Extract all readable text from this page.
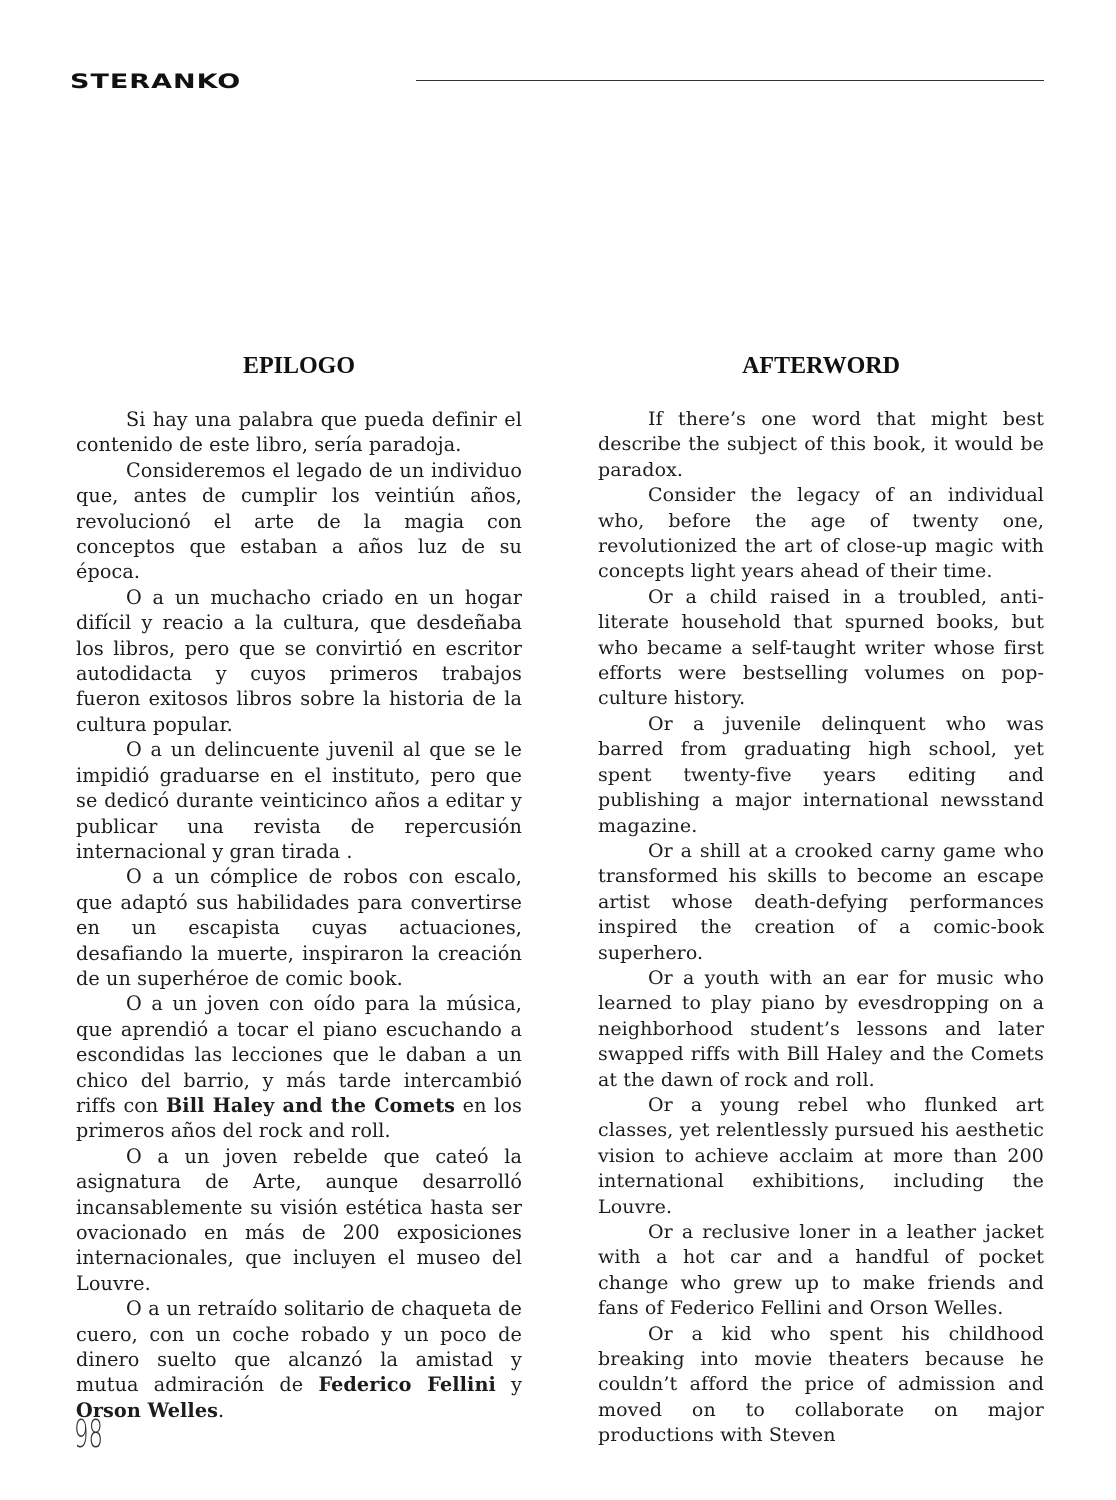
STERANKO
EPILOGO

Si hay una palabra que pueda definir el contenido de este libro, sería paradoja.

Consideremos el legado de un individuo que, antes de cumplir los veintiún años, revolucionó el arte de la magia con conceptos que estaban a años luz de su época.

O a un muchacho criado en un hogar difícil y reacio a la cultura, que desdeñaba los libros, pero que se convirtió en escritor autodidacta y cuyos primeros trabajos fueron exitosos libros sobre la historia de la cultura popular.

O a un delincuente juvenil al que se le impidió graduarse en el instituto, pero que se dedicó durante veinticinco años a editar y publicar una revista de repercusión internacional y gran tirada .

O a un cómplice de robos con escalo, que adaptó sus habilidades para convertirse en un escapista cuyas actuaciones, desafiando la muerte, inspiraron la creación de un superhéroe de comic book.

O a un joven con oído para la música, que aprendió a tocar el piano escuchando a escondidas las lecciones que le daban a un chico del barrio, y más tarde intercambió riffs con Bill Haley and the Comets en los primeros años del rock and roll.

O a un joven rebelde que cateó la asignatura de Arte, aunque desarrolló incansablemente su visión estética hasta ser ovacionado en más de 200 exposiciones internacionales, que incluyen el museo del Louvre.

O a un retraído solitario de chaqueta de cuero, con un coche robado y un poco de dinero suelto que alcanzó la amistad y mutua admiración de Federico Fellini y Orson Welles.

AFTERWORD

If there’s one word that might best describe the subject of this book, it would be paradox.

Consider the legacy of an individual who, before the age of twenty one, revolutionized the art of close-up magic with concepts light years ahead of their time.

Or a child raised in a troubled, anti-literate household that spurned books, but who became a self-taught writer whose first efforts were bestselling volumes on pop-culture history.

Or a juvenile delinquent who was barred from graduating high school, yet spent twenty-five years editing and publishing a major international newsstand magazine.

Or a shill at a crooked carny game who transformed his skills to become an escape artist whose death-defying performances inspired the creation of a comic-book superhero.

Or a youth with an ear for music who learned to play piano by evesdropping on a neighborhood student’s lessons and later swapped riffs with Bill Haley and the Comets at the dawn of rock and roll.

Or a young rebel who flunked art classes, yet relentlessly pursued his aesthetic vision to achieve acclaim at more than 200 international exhibitions, including the Louvre.

Or a reclusive loner in a leather jacket with a hot car and a handful of pocket change who grew up to make friends and fans of Federico Fellini and Orson Welles.

Or a kid who spent his childhood breaking into movie theaters because he couldn’t afford the price of admission and moved on to collaborate on major productions with Steven

98
